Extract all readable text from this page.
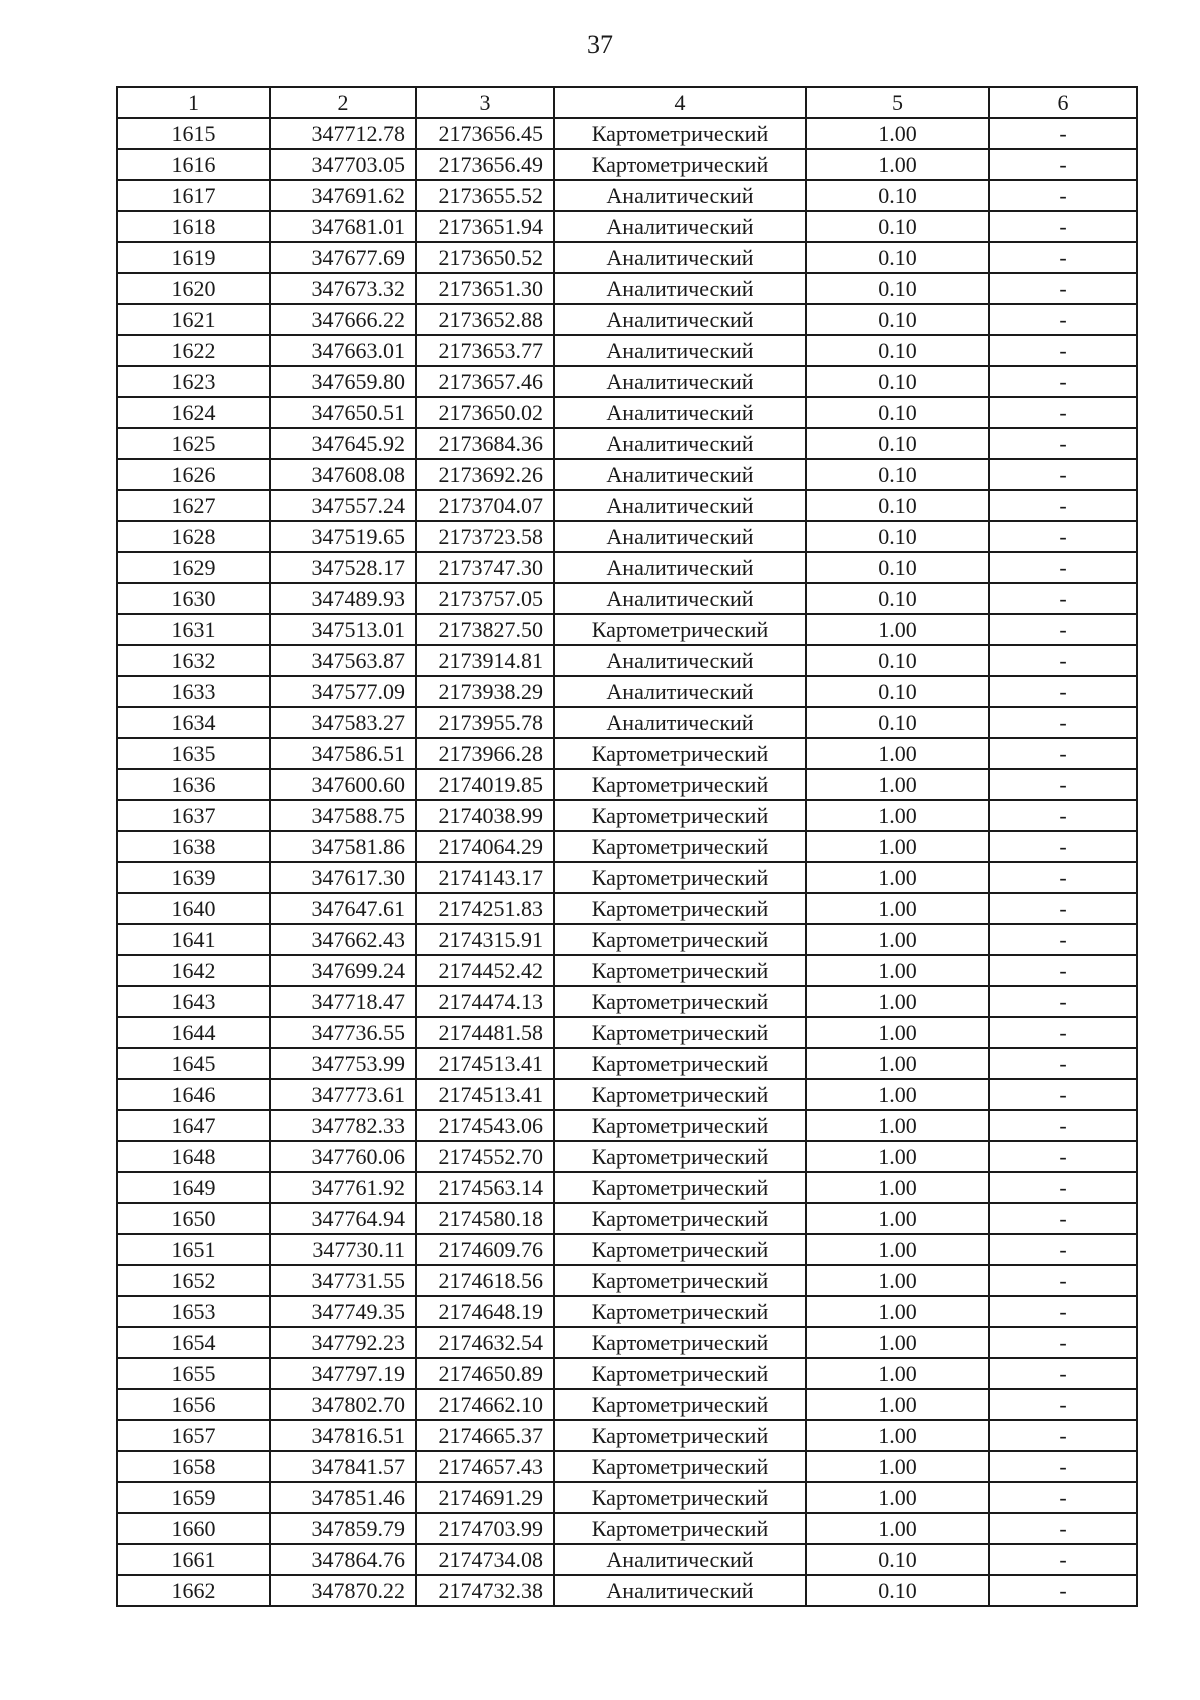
37
1	2	3	4	5	6
1615	347712.78	2173656.45	Картометрический	1.00	-
1616	347703.05	2173656.49	Картометрический	1.00	-
1617	347691.62	2173655.52	Аналитический	0.10	-
1618	347681.01	2173651.94	Аналитический	0.10	-
1619	347677.69	2173650.52	Аналитический	0.10	-
1620	347673.32	2173651.30	Аналитический	0.10	-
1621	347666.22	2173652.88	Аналитический	0.10	-
1622	347663.01	2173653.77	Аналитический	0.10	-
1623	347659.80	2173657.46	Аналитический	0.10	-
1624	347650.51	2173650.02	Аналитический	0.10	-
1625	347645.92	2173684.36	Аналитический	0.10	-
1626	347608.08	2173692.26	Аналитический	0.10	-
1627	347557.24	2173704.07	Аналитический	0.10	-
1628	347519.65	2173723.58	Аналитический	0.10	-
1629	347528.17	2173747.30	Аналитический	0.10	-
1630	347489.93	2173757.05	Аналитический	0.10	-
1631	347513.01	2173827.50	Картометрический	1.00	-
1632	347563.87	2173914.81	Аналитический	0.10	-
1633	347577.09	2173938.29	Аналитический	0.10	-
1634	347583.27	2173955.78	Аналитический	0.10	-
1635	347586.51	2173966.28	Картометрический	1.00	-
1636	347600.60	2174019.85	Картометрический	1.00	-
1637	347588.75	2174038.99	Картометрический	1.00	-
1638	347581.86	2174064.29	Картометрический	1.00	-
1639	347617.30	2174143.17	Картометрический	1.00	-
1640	347647.61	2174251.83	Картометрический	1.00	-
1641	347662.43	2174315.91	Картометрический	1.00	-
1642	347699.24	2174452.42	Картометрический	1.00	-
1643	347718.47	2174474.13	Картометрический	1.00	-
1644	347736.55	2174481.58	Картометрический	1.00	-
1645	347753.99	2174513.41	Картометрический	1.00	-
1646	347773.61	2174513.41	Картометрический	1.00	-
1647	347782.33	2174543.06	Картометрический	1.00	-
1648	347760.06	2174552.70	Картометрический	1.00	-
1649	347761.92	2174563.14	Картометрический	1.00	-
1650	347764.94	2174580.18	Картометрический	1.00	-
1651	347730.11	2174609.76	Картометрический	1.00	-
1652	347731.55	2174618.56	Картометрический	1.00	-
1653	347749.35	2174648.19	Картометрический	1.00	-
1654	347792.23	2174632.54	Картометрический	1.00	-
1655	347797.19	2174650.89	Картометрический	1.00	-
1656	347802.70	2174662.10	Картометрический	1.00	-
1657	347816.51	2174665.37	Картометрический	1.00	-
1658	347841.57	2174657.43	Картометрический	1.00	-
1659	347851.46	2174691.29	Картометрический	1.00	-
1660	347859.79	2174703.99	Картометрический	1.00	-
1661	347864.76	2174734.08	Аналитический	0.10	-
1662	347870.22	2174732.38	Аналитический	0.10	-
